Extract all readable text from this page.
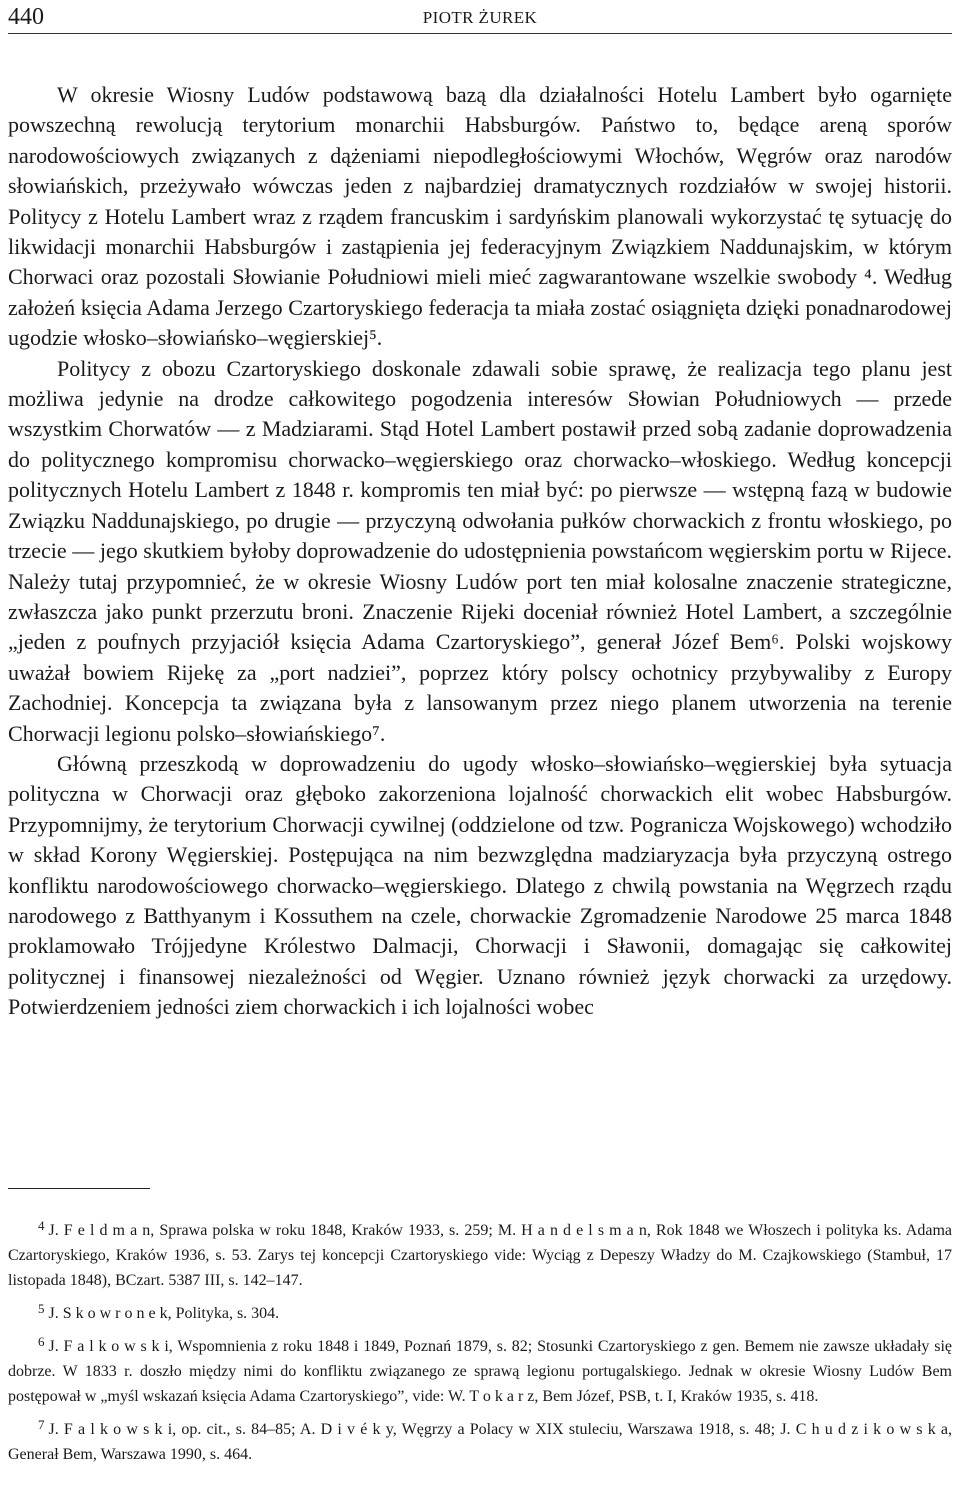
440	PIOTR ŻUREK

W okresie Wiosny Ludów podstawową bazą dla działalności Hotelu Lambert było ogarnięte powszechną rewolucją terytorium monarchii Habsburgów. Państwo to, będące areną sporów narodowościowych związanych z dążeniami niepodległościowymi Włochów, Węgrów oraz narodów słowiańskich, przeżywało wówczas jeden z najbardziej dramatycznych rozdziałów w swojej historii. Politycy z Hotelu Lambert wraz z rządem francuskim i sardyńskim planowali wykorzystać tę sytuację do likwidacji monarchii Habsburgów i zastąpienia jej federacyjnym Związkiem Naddunajskim, w którym Chorwaci oraz pozostali Słowianie Południowi mieli mieć zagwarantowane wszelkie swobody ⁴. Według założeń księcia Adama Jerzego Czartoryskiego federacja ta miała zostać osiągnięta dzięki ponadnarodowej ugodzie włosko–słowiańsko–węgierskiej⁵.

Politycy z obozu Czartoryskiego doskonale zdawali sobie sprawę, że realizacja tego planu jest możliwa jedynie na drodze całkowitego pogodzenia interesów Słowian Południowych — przede wszystkim Chorwatów — z Madziarami. Stąd Hotel Lambert postawił przed sobą zadanie doprowadzenia do politycznego kompromisu chorwacko–węgierskiego oraz chorwacko–włoskiego. Według koncepcji politycznych Hotelu Lambert z 1848 r. kompromis ten miał być: po pierwsze — wstępną fazą w budowie Związku Naddunajskiego, po drugie — przyczyną odwołania pułków chorwackich z frontu włoskiego, po trzecie — jego skutkiem byłoby doprowadzenie do udostępnienia powstańcom węgierskim portu w Rijece. Należy tutaj przypomnieć, że w okresie Wiosny Ludów port ten miał kolosalne znaczenie strategiczne, zwłaszcza jako punkt przerzutu broni. Znaczenie Rijeki doceniał również Hotel Lambert, a szczególnie „jeden z poufnych przyjaciół księcia Adama Czartoryskiego”, generał Józef Bem⁶. Polski wojskowy uważał bowiem Rijekę za „port nadziei”, poprzez który polscy ochotnicy przybywaliby z Europy Zachodniej. Koncepcja ta związana była z lansowanym przez niego planem utworzenia na terenie Chorwacji legionu polsko–słowiańskiego⁷.

Główną przeszkodą w doprowadzeniu do ugody włosko–słowiańsko–węgierskiej była sytuacja polityczna w Chorwacji oraz głęboko zakorzeniona lojalność chorwackich elit wobec Habsburgów. Przypomnijmy, że terytorium Chorwacji cywilnej (oddzielone od tzw. Pogranicza Wojskowego) wchodziło w skład Korony Węgierskiej. Postępująca na nim bezwzględna madziaryzacja była przyczyną ostrego konfliktu narodowościowego chorwacko–węgierskiego. Dlatego z chwilą powstania na Węgrzech rządu narodowego z Batthyanym i Kossuthem na czele, chorwackie Zgromadzenie Narodowe 25 marca 1848 proklamowało Trójjedyne Królestwo Dalmacji, Chorwacji i Sławonii, domagając się całkowitej politycznej i finansowej niezależności od Węgier. Uznano również język chorwacki za urzędowy. Potwierdzeniem jedności ziem chorwackich i ich lojalności wobec

$^4$ J. F e l d m a n, Sprawa polska w roku 1848, Kraków 1933, s. 259; M. H a n d e l s m a n, Rok 1848 we Włoszech i polityka ks. Adama Czartoryskiego, Kraków 1936, s. 53. Zarys tej koncepcji Czartoryskiego vide: Wyciąg z Depeszy Władzy do M. Czajkowskiego (Stambuł, 17 listopada 1848), BCzart. 5387 III, s. 142–147.

$^5$ J. S k o w r o n e k, Polityka, s. 304.

$^6$ J. F a l k o w s k i, Wspomnienia z roku 1848 i 1849, Poznań 1879, s. 82; Stosunki Czartoryskiego z gen. Bemem nie zawsze układały się dobrze. W 1833 r. doszło między nimi do konfliktu związanego ze sprawą legionu portugalskiego. Jednak w okresie Wiosny Ludów Bem postępował w „myśl wskazań księcia Adama Czartoryskiego”, vide: W. T o k a r z, Bem Józef, PSB, t. I, Kraków 1935, s. 418.

$^7$ J. F a l k o w s k i, op. cit., s. 84–85; A. D i v é k y, Węgrzy a Polacy w XIX stuleciu, Warszawa 1918, s. 48; J. C h u d z i k o w s k a, Generał Bem, Warszawa 1990, s. 464.
